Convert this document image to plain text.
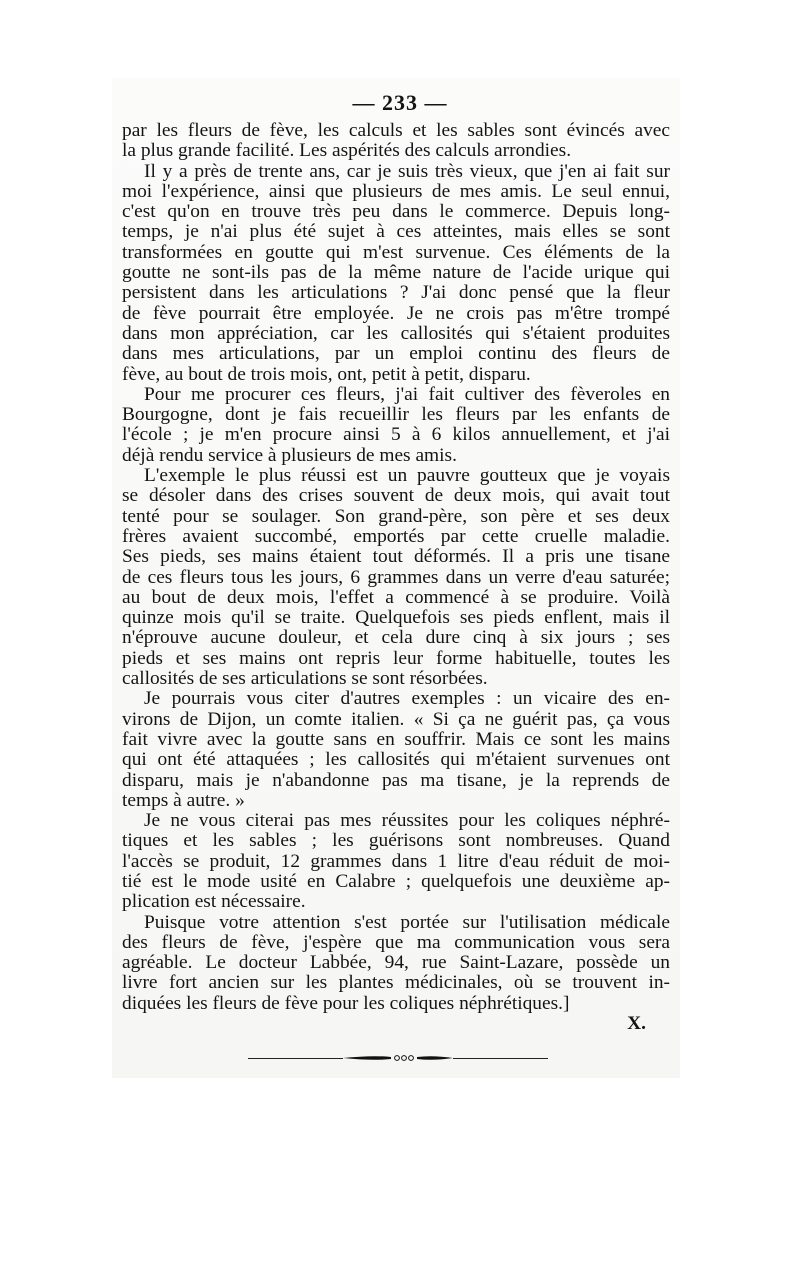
— 233 —
par les fleurs de fève, les calculs et les sables sont évincés avec
la plus grande facilité. Les aspérités des calculs arrondies.
Il y a près de trente ans, car je suis très vieux, que j'en ai fait sur
moi l'expérience, ainsi que plusieurs de mes amis. Le seul ennui,
c'est qu'on en trouve très peu dans le commerce. Depuis long-
temps, je n'ai plus été sujet à ces atteintes, mais elles se sont
transformées en goutte qui m'est survenue. Ces éléments de la
goutte ne sont-ils pas de la même nature de l'acide urique qui
persistent dans les articulations ? J'ai donc pensé que la fleur
de fève pourrait être employée. Je ne crois pas m'être trompé
dans mon appréciation, car les callosités qui s'étaient produites
dans mes articulations, par un emploi continu des fleurs de
fève, au bout de trois mois, ont, petit à petit, disparu.
Pour me procurer ces fleurs, j'ai fait cultiver des fèveroles en
Bourgogne, dont je fais recueillir les fleurs par les enfants de
l'école ; je m'en procure ainsi 5 à 6 kilos annuellement, et j'ai
déjà rendu service à plusieurs de mes amis.
L'exemple le plus réussi est un pauvre goutteux que je voyais
se désoler dans des crises souvent de deux mois, qui avait tout
tenté pour se soulager. Son grand-père, son père et ses deux
frères avaient succombé, emportés par cette cruelle maladie.
Ses pieds, ses mains étaient tout déformés. Il a pris une tisane
de ces fleurs tous les jours, 6 grammes dans un verre d'eau saturée;
au bout de deux mois, l'effet a commencé à se produire. Voilà
quinze mois qu'il se traite. Quelquefois ses pieds enflent, mais il
n'éprouve aucune douleur, et cela dure cinq à six jours ; ses
pieds et ses mains ont repris leur forme habituelle, toutes les
callosités de ses articulations se sont résorbées.
Je pourrais vous citer d'autres exemples : un vicaire des en-
virons de Dijon, un comte italien. « Si ça ne guérit pas, ça vous
fait vivre avec la goutte sans en souffrir. Mais ce sont les mains
qui ont été attaquées ; les callosités qui m'étaient survenues ont
disparu, mais je n'abandonne pas ma tisane, je la reprends de
temps à autre. »
Je ne vous citerai pas mes réussites pour les coliques néphré-
tiques et les sables ; les guérisons sont nombreuses. Quand
l'accès se produit, 12 grammes dans 1 litre d'eau réduit de moi-
tié est le mode usité en Calabre ; quelquefois une deuxième ap-
plication est nécessaire.
Puisque votre attention s'est portée sur l'utilisation médicale
des fleurs de fève, j'espère que ma communication vous sera
agréable. Le docteur Labbée, 94, rue Saint-Lazare, possède un
livre fort ancien sur les plantes médicinales, où se trouvent in-
diquées les fleurs de fève pour les coliques néphrétiques.]
X.
